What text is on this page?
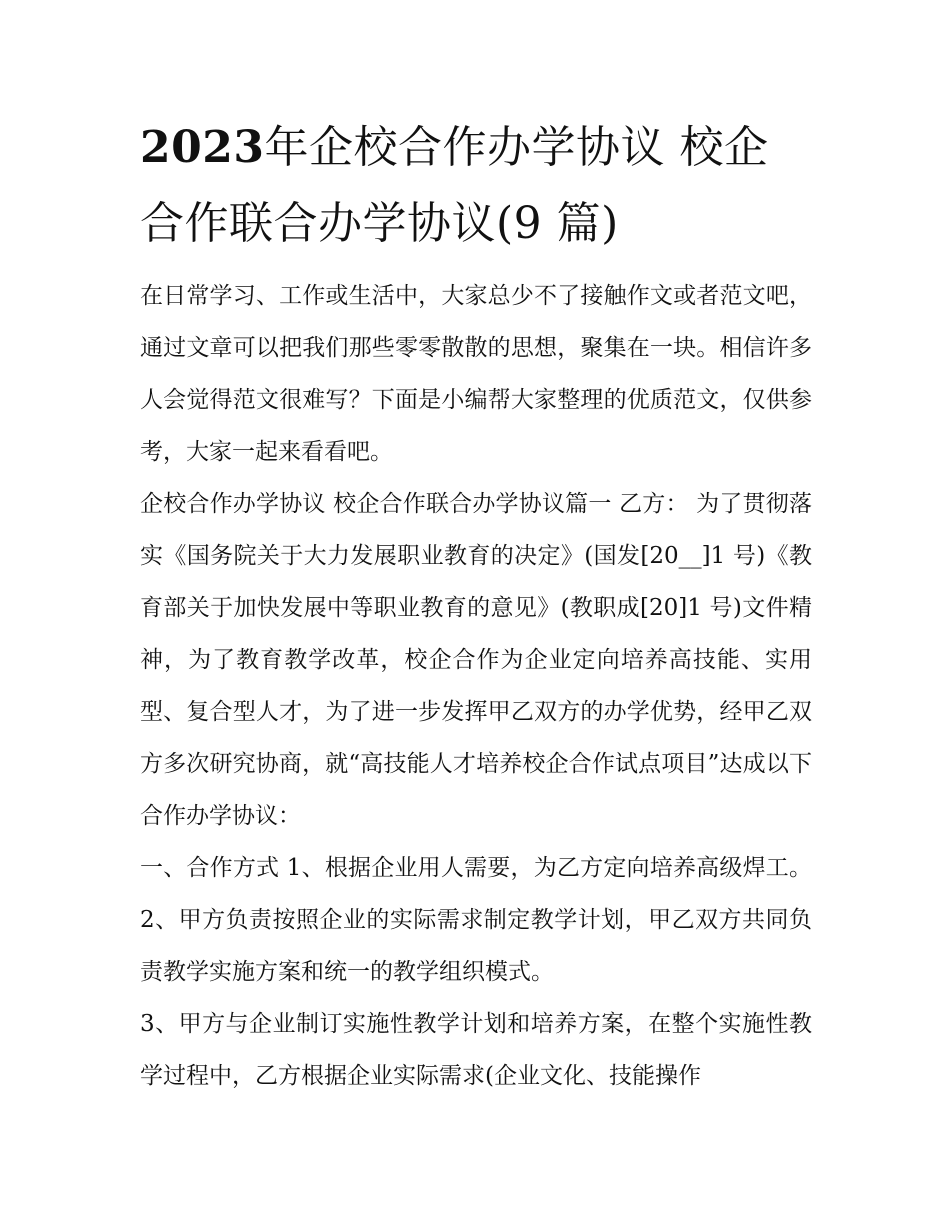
2023年企校合作办学协议 校企合作联合办学协议(9 篇)

在日常学习、工作或生活中，大家总少不了接触作文或者范文吧，通过文章可以把我们那些零零散散的思想，聚集在一块。相信许多人会觉得范文很难写？下面是小编帮大家整理的优质范文，仅供参考，大家一起来看看吧。

企校合作办学协议 校企合作联合办学协议篇一 乙方： 为了贯彻落实《国务院关于大力发展职业教育的决定》(国发[20__]1 号)《教育部关于加快发展中等职业教育的意见》(教职成[20]1 号)文件精神，为了教育教学改革，校企合作为企业定向培养高技能、实用型、复合型人才，为了进一步发挥甲乙双方的办学优势，经甲乙双方多次研究协商，就“高技能人才培养校企合作试点项目”达成以下合作办学协议：

一、合作方式 1、根据企业用人需要，为乙方定向培养高级焊工。 2、甲方负责按照企业的实际需求制定教学计划，甲乙双方共同负责教学实施方案和统一的教学组织模式。

3、甲方与企业制订实施性教学计划和培养方案，在整个实施性教学过程中，乙方根据企业实际需求(企业文化、技能操作
